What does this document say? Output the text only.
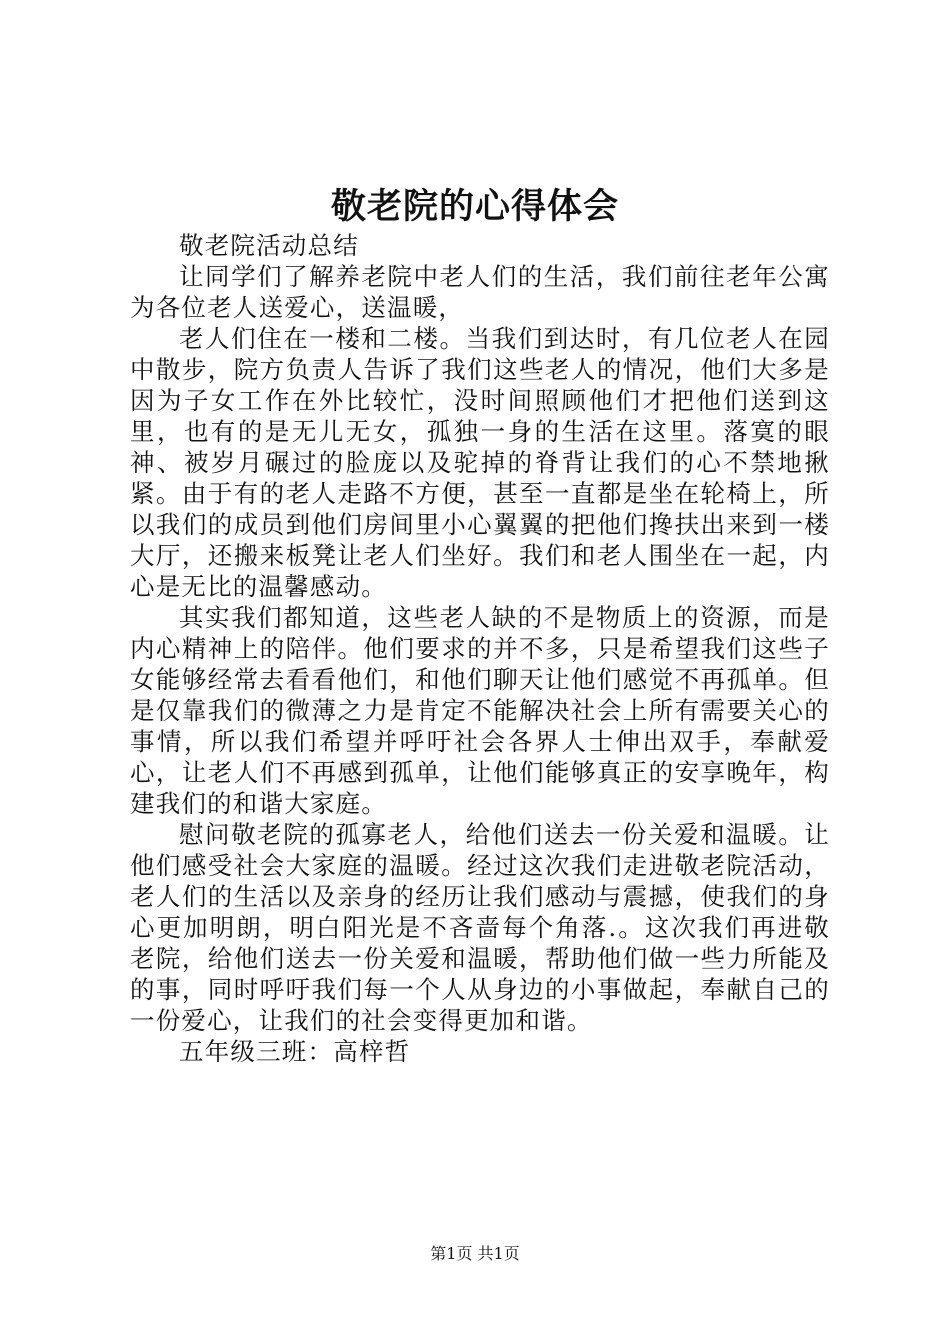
敬老院的心得体会

敬老院活动总结

让同学们了解养老院中老人们的生活，我们前往老年公寓为各位老人送爱心，送温暖，

老人们住在一楼和二楼。当我们到达时，有几位老人在园中散步，院方负责人告诉了我们这些老人的情况，他们大多是因为子女工作在外比较忙，没时间照顾他们才把他们送到这里，也有的是无儿无女，孤独一身的生活在这里。落寞的眼神、被岁月碾过的脸庞以及驼掉的脊背让我们的心不禁地揪紧。由于有的老人走路不方便，甚至一直都是坐在轮椅上，所以我们的成员到他们房间里小心翼翼的把他们搀扶出来到一楼大厅，还搬来板凳让老人们坐好。我们和老人围坐在一起，内心是无比的温馨感动。

其实我们都知道，这些老人缺的不是物质上的资源，而是内心精神上的陪伴。他们要求的并不多，只是希望我们这些子女能够经常去看看他们，和他们聊天让他们感觉不再孤单。但是仅靠我们的微薄之力是肯定不能解决社会上所有需要关心的事情，所以我们希望并呼吁社会各界人士伸出双手，奉献爱心，让老人们不再感到孤单，让他们能够真正的安享晚年，构建我们的和谐大家庭。

慰问敬老院的孤寡老人，给他们送去一份关爱和温暖。让他们感受社会大家庭的温暖。经过这次我们走进敬老院活动，老人们的生活以及亲身的经历让我们感动与震撼，使我们的身心更加明朗，明白阳光是不吝啬每个角落.。这次我们再进敬老院，给他们送去一份关爱和温暖，帮助他们做一些力所能及的事，同时呼吁我们每一个人从身边的小事做起，奉献自己的一份爱心，让我们的社会变得更加和谐。

五年级三班：高梓哲

第1页 共1页
